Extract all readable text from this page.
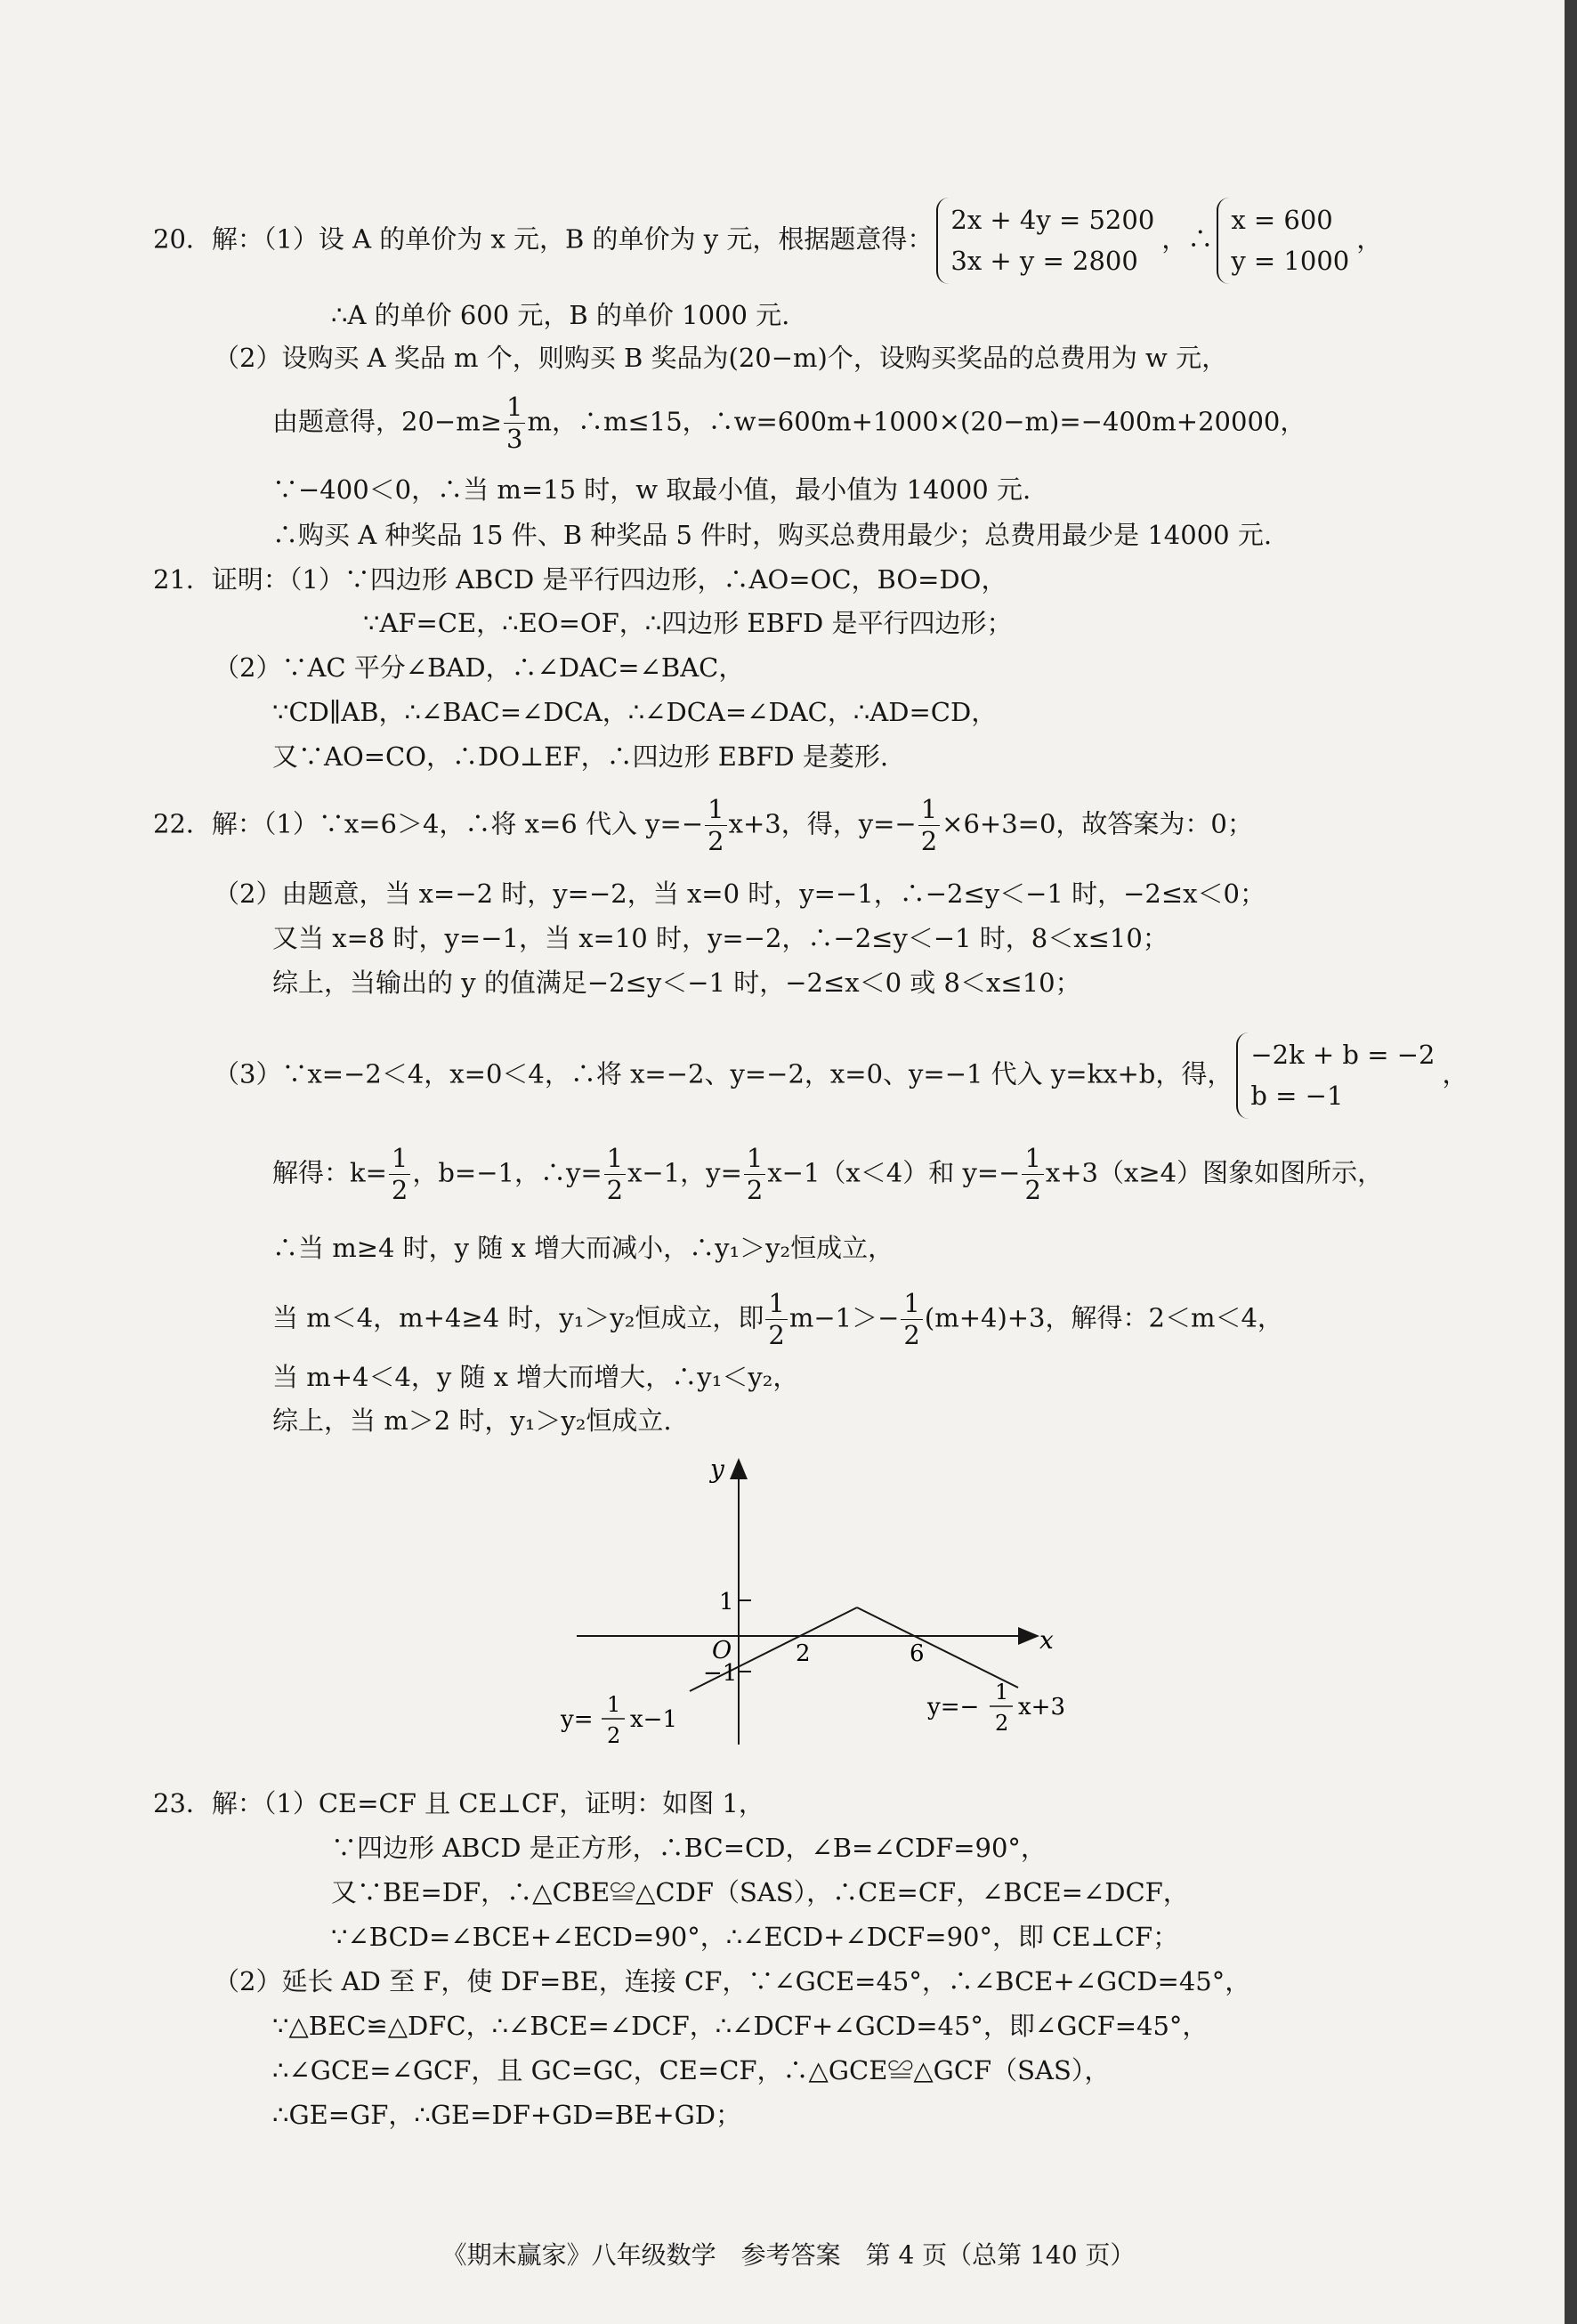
20．解：（1）设 A 的单价为 x 元，B 的单价为 y 元，根据题意得：
2x + 4y = 5200
3x + y = 2800
，∴
x = 600
y = 1000
，
∴A 的单价 600 元，B 的单价 1000 元.
（2）设购买 A 奖品 m 个，则购买 B 奖品为(20−m)个，设购买奖品的总费用为 w 元，
由题意得，$20-m\ge \frac{1}{3}$ m，∴m≤15，∴w=600m+1000×(20−m)=−400m+20000，
∵−400＜0，∴当 m=15 时，w 取最小值，最小值为 14000 元.
∴购买 A 种奖品 15 件、B 种奖品 5 件时，购买总费用最少；总费用最少是 14000 元.
21．证明：（1）∵四边形 ABCD 是平行四边形，∴AO=OC，BO=DO，
∵AF=CE，∴EO=OF，∴四边形 EBFD 是平行四边形；
（2）∵AC 平分∠BAD，∴∠DAC=∠BAC，
∵CD∥AB，∴∠BAC=∠DCA，∴∠DCA=∠DAC，∴AD=CD，
又∵AO=CO，∴DO⊥EF，∴四边形 EBFD 是菱形.
22．解：（1）∵x=6＞4，∴将 x=6 代入 $y=- \frac{1}{2} x+3$，得，$y=- \frac{1}{2} \times 6+3=0$，故答案为：0；
（2）由题意，当 x=−2 时，y=−2，当 x=0 时，y=−1，∴−2≤y＜−1 时，−2≤x＜0；
又当 x=8 时，y=−1，当 x=10 时，y=−2，∴−2≤y＜−1 时，8＜x≤10；
综上，当输出的 y 的值满足−2≤y＜−1 时，−2≤x＜0 或 8＜x≤10；
（3）∵x=−2＜4，x=0＜4，∴将 x=−2、y=−2，x=0、y=−1 代入 y=kx+b，得，
−2k + b = −2
b = −1
，
解得：$k= \frac{1}{2}$ ，b=−1，∴y= $\frac{1}{2} x-1$，$y= \frac{1}{2} x-1(x<4)$和 $y=- \frac{1}{2} x+3(x\ge 4)$图象如图所示，
∴当 m≥4 时，y 随 x 增大而减小，∴y₁＞y₂恒成立，
当 m＜4，m+4≥4 时，y₁＞y₂恒成立，即 $\frac{1}{2} m-1>- \frac{1}{2} (m+4)+3$，解得：2＜m＜4，
当 m+4＜4，y 随 x 增大而增大，∴y₁＜y₂，
综上，当 m＞2 时，y₁＞y₂恒成立.
y
x
O
1
−1
2	6
y=
1
2
x−1	y=−
1
2
x+3
23．解：（1）CE=CF 且 CE⊥CF，证明：如图 1，
∵四边形 ABCD 是正方形，∴BC=CD，∠B=∠CDF=90°，
又∵BE=DF，∴△CBE≌△CDF（SAS），∴CE=CF，∠BCE=∠DCF，
∵∠BCD=∠BCE+∠ECD=90°，∴∠ECD+∠DCF=90°，即 CE⊥CF；
（2）延长 AD 至 F，使 DF=BE，连接 CF，∵∠GCE=45°，∴∠BCE+∠GCD=45°，
∵△BEC≌△DFC，∴∠BCE=∠DCF，∴∠DCF+∠GCD=45°，即∠GCF=45°，
∴∠GCE=∠GCF，且 GC=GC，CE=CF，∴△GCE≌△GCF（SAS），
∴GE=GF，∴GE=DF+GD=BE+GD；
《期末赢家》八年级数学　参考答案　第 4 页（总第 140 页）
